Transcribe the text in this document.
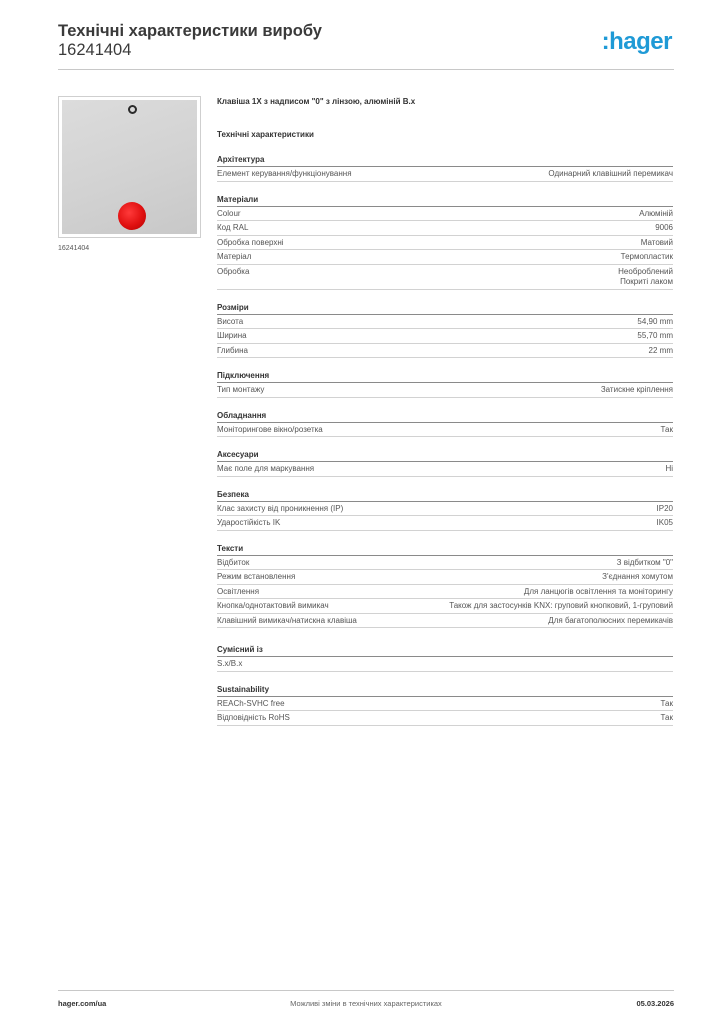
Технічні характеристики виробу
16241404	:hager
16241404
Клавіша 1X з надписом "0" з лінзою, алюміній B.x
Технічні характеристики
Архітектура
Елемент керування/функціонування	Одинарний клавішний перемикач
Матеріали
Colour	Алюміній
Код RAL	9006
Обробка поверхні	Матовий
Матеріал	Термопластик
Обробка	Необроблений
Покриті лаком
Розміри
Висота	54,90 mm
Ширина	55,70 mm
Глибина	22 mm
Підключення
Тип монтажу	Затискне кріплення
Обладнання
Моніторингове вікно/розетка	Так
Аксесуари
Має поле для маркування	Ні
Безпека
Клас захисту від проникнення (IP)	IP20
Ударостійкість IK	IK05
Тексти
Відбиток	З відбитком "0"
Режим встановлення	З'єднання хомутом
Освітлення	Для ланцюгів освітлення та моніторингу
Кнопка/однотактовий вимикач	Також для застосунків KNX: груповий кнопковий, 1-груповий
Клавішний вимикач/натискна клавіша	Для багатополюсних перемикачів
Сумісний із
S.x/B.x
Sustainability
REACh-SVHC free	Так
Відповідність RoHS	Так
Можливі зміни в технічних характеристиках
hager.com/ua	05.03.2026
